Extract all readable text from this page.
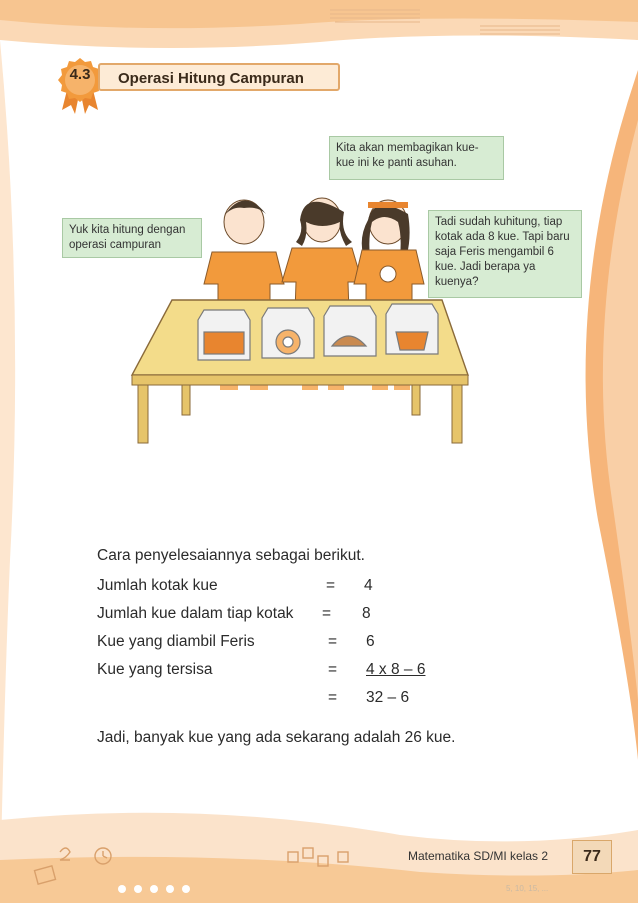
4.3	Operasi Hitung Campuran
Kita akan membagikan kue-kue ini ke panti asuhan.
Yuk kita hitung dengan operasi campuran
Tadi sudah kuhitung, tiap kotak ada 8 kue. Tapi baru saja Feris mengambil 6 kue. Jadi berapa ya kuenya?
Cara penyelesaiannya sebagai berikut.
Jumlah kotak kue	= 4
Jumlah kue dalam tiap kotak = 8
Kue yang diambil Feris	= 6
Kue yang tersisa	= 4 x 8 – 6
= 32 – 6
Jadi, banyak kue yang ada sekarang adalah 26 kue.
Matematika SD/MI kelas 2	77
5, 10, 15, ...
